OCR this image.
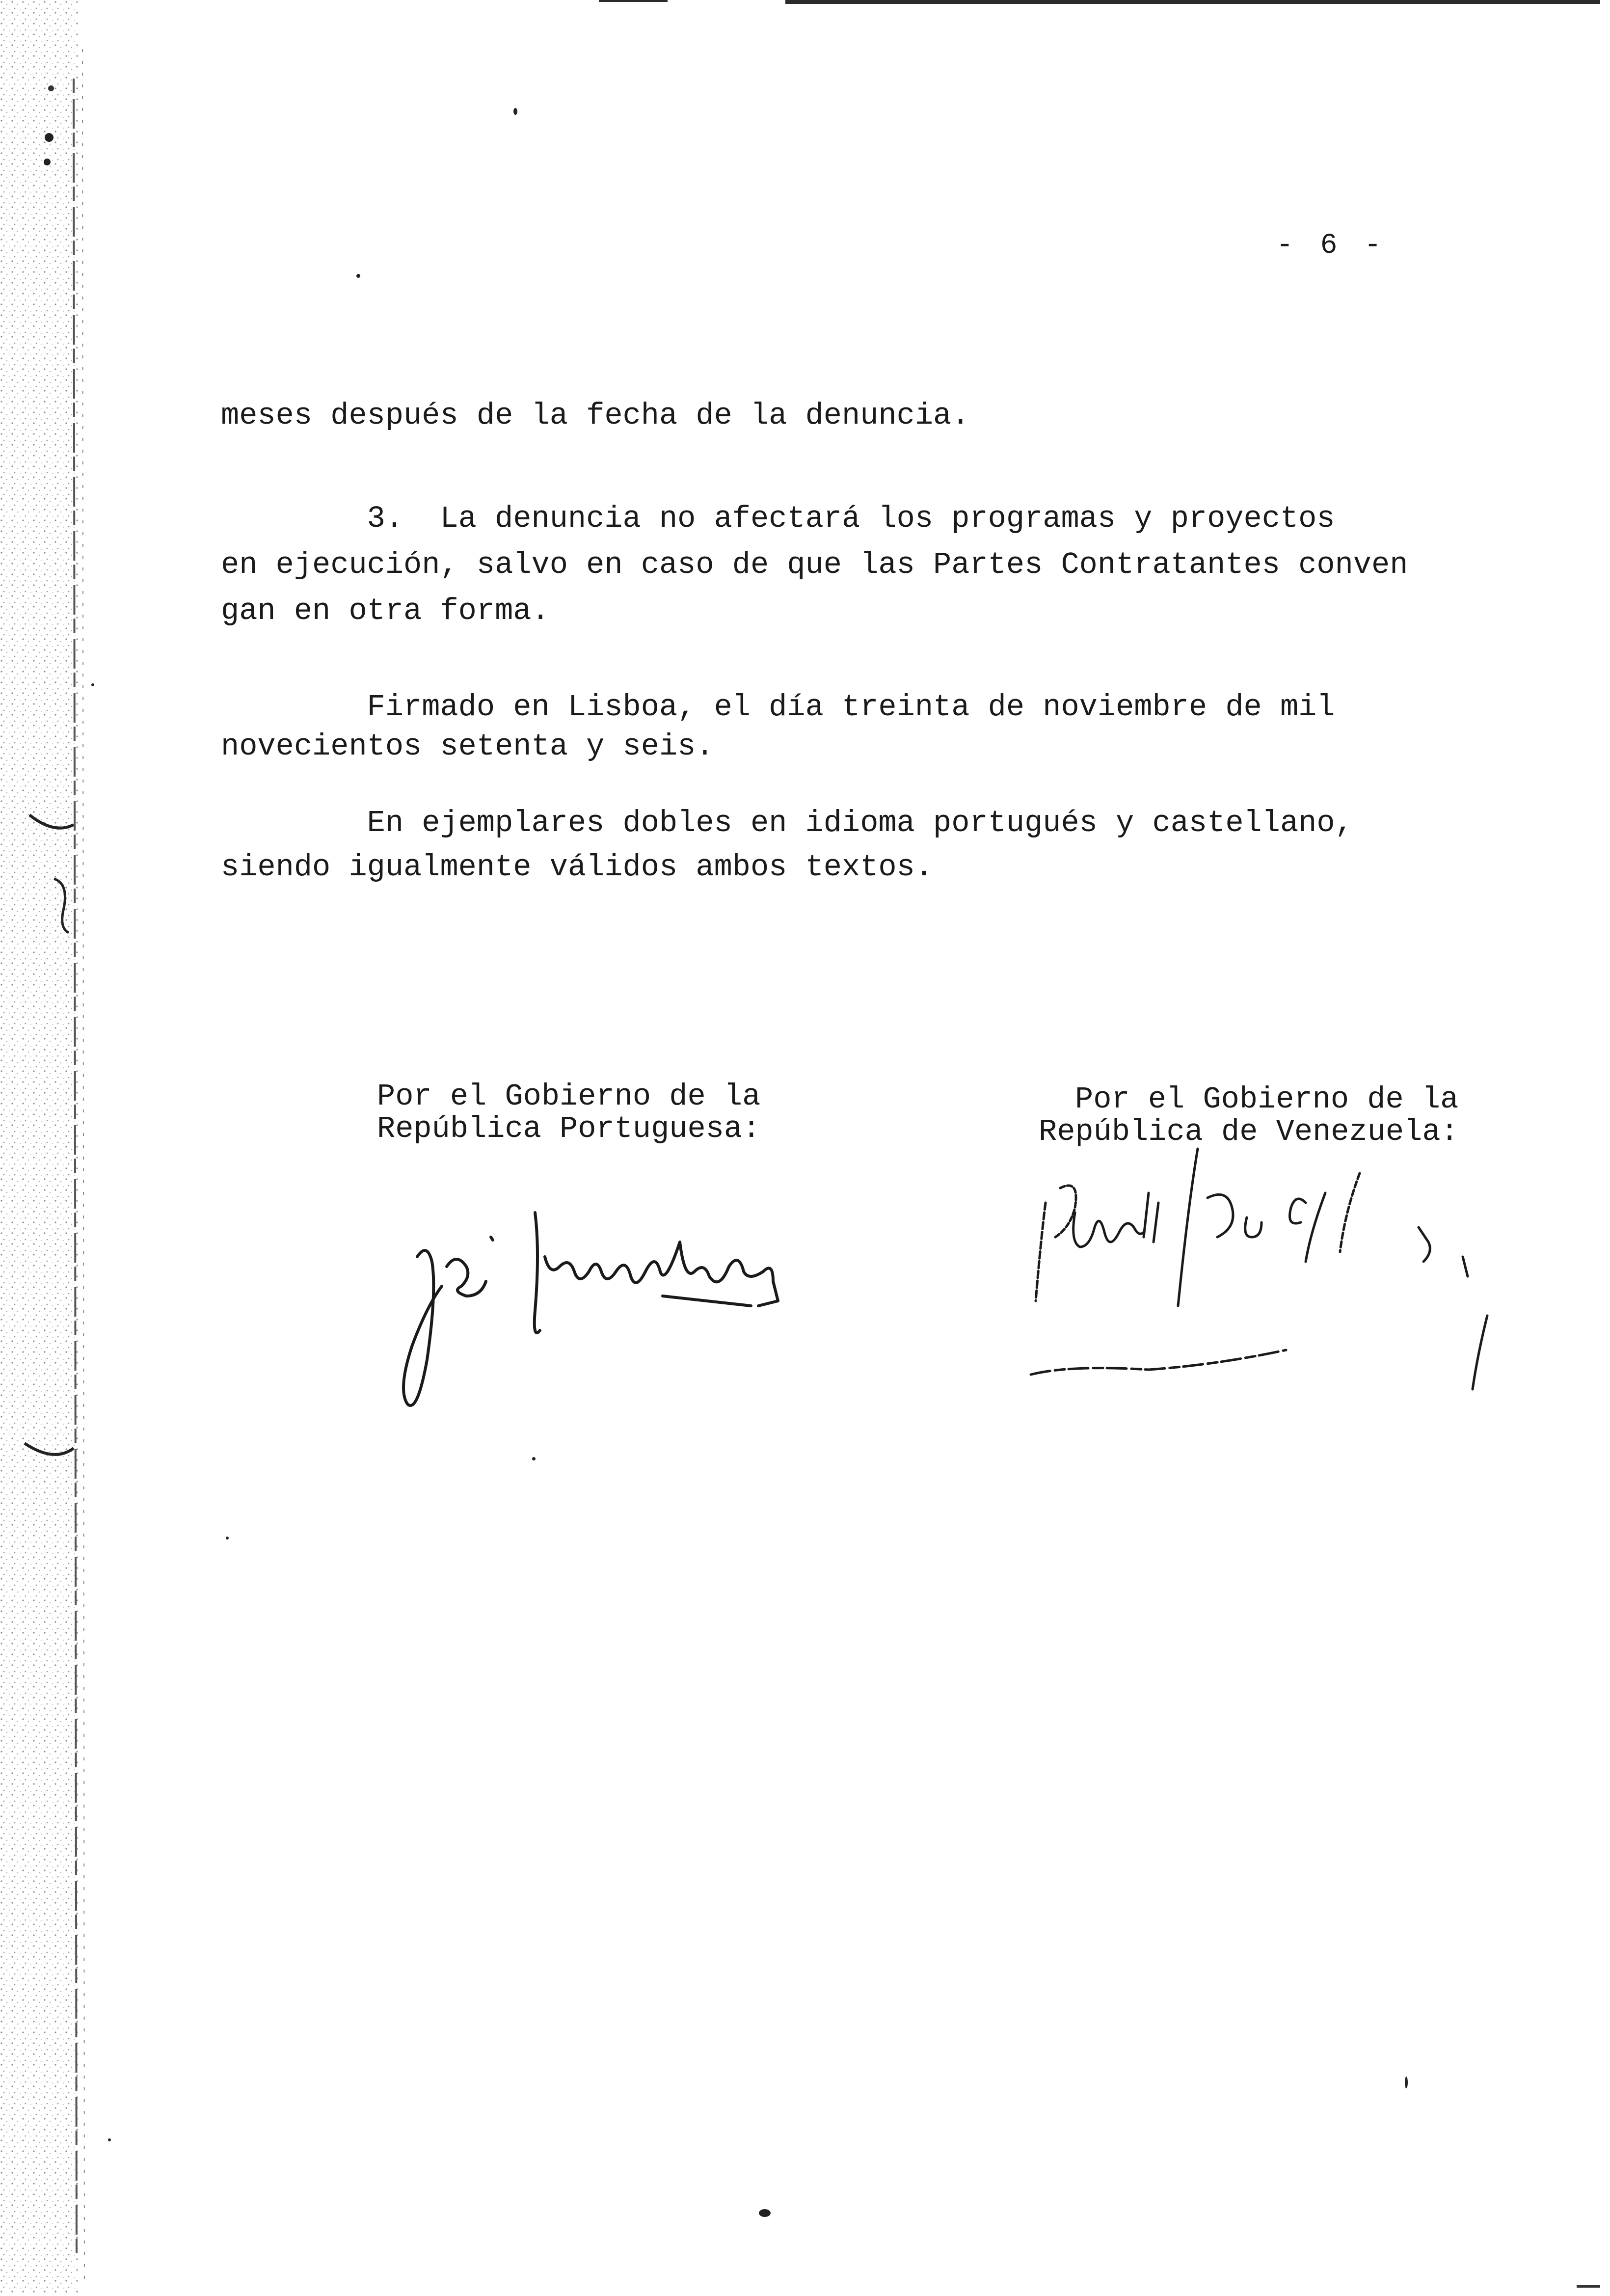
- 6 -

meses después de la fecha de la denuncia.

3.  La denuncia no afectará los programas y proyectos

en ejecución, salvo en caso de que las Partes Contratantes conven

gan en otra forma.

Firmado en Lisboa, el día treinta de noviembre de mil

novecientos setenta y seis.

En ejemplares dobles en idioma portugués y castellano,

siendo igualmente válidos ambos textos.

Por el Gobierno de la

República Portuguesa:

Por el Gobierno de la

República de Venezuela:
